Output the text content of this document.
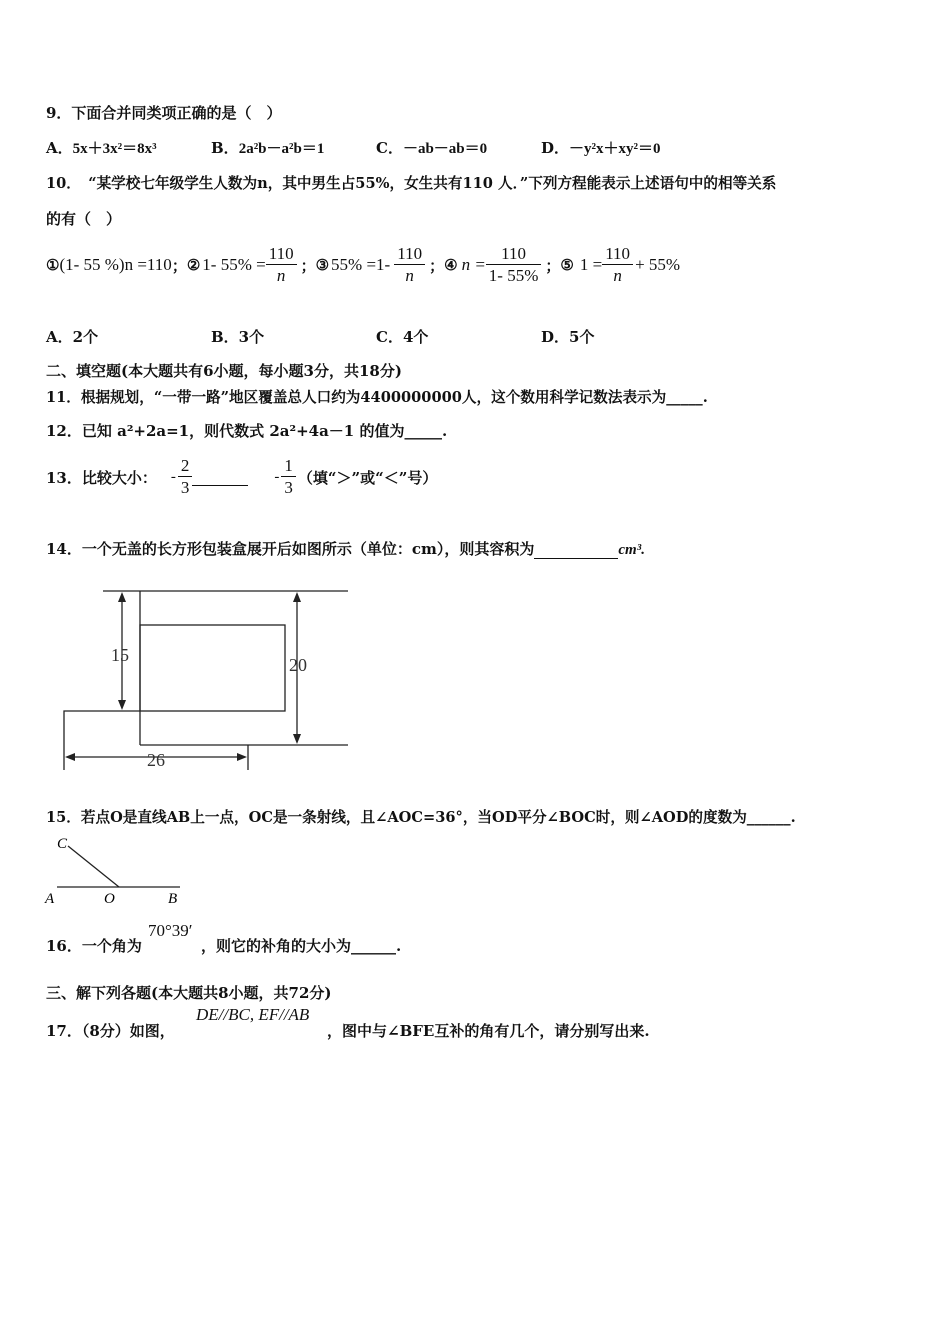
9．下面合并同类项正确的是（　）
A．5x＋3x²＝8x³	B．2a²b－a²b＝1	C．－ab－ab＝0	D．－y²x＋xy²＝0
10．　“某学校七年级学生人数为n，其中男生占55%，女生共有110 人．”下列方程能表示上述语句中的相等关系
的有（　）
① (1- 55 %)n =110 ； ② 1- $55\% = \frac{110}{n}$ ； ③ $55\% =1- \frac{110}{n}$ ； ④ $n = \frac{110}{1- 55\%}$ ； ⑤ $1 = \frac{110}{n} + 55\%$
A．2个	B．3个	C．4个	D．5个
二、填空题(本大题共有6小题，每小题3分，共18分)
11．根据规划，“一带一路”地区覆盖总人口约为4400000000人，这个数用科学记数法表示为_____.
12．已知 a²+2a=1，则代数式 2a²+4a－1 的值为_____.
13．比较大小： - $\frac{2}{3}$	- $\frac{1}{3}$ （填“＞”或“＜”号）
14．一个无盖的长方形包装盒展开后如图所示（单位：cm），则其容积为	cm³.
15	20
26
15．若点O是直线AB上一点，OC是一条射线，且∠AOC=36°，当OD平分∠BOC时，则∠AOD的度数为______.
C
A	O	B
16．一个角为
70°39′
，则它的补角的大小为______.
三、解下列各题(本大题共8小题，共72分)
17．（8分）如图，
DE//BC, EF//AB
，图中与∠BFE互补的角有几个，请分别写出来.
